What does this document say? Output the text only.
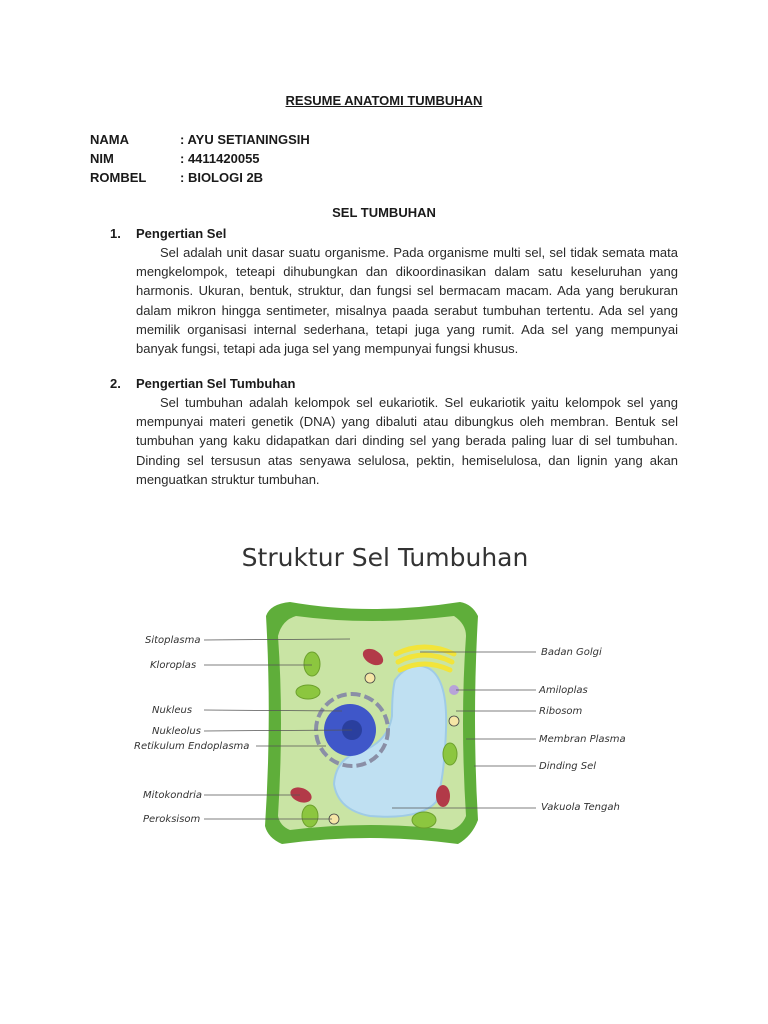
RESUME ANATOMI TUMBUHAN
NAMA	: AYU SETIANINGSIH
NIM	: 4411420055
ROMBEL	: BIOLOGI 2B
SEL TUMBUHAN
1.	Pengertian Sel
Sel adalah unit dasar suatu organisme. Pada organisme multi sel, sel tidak semata mata mengkelompok, teteapi dihubungkan dan dikoordinasikan dalam satu keseluruhan yang harmonis. Ukuran, bentuk, struktur, dan fungsi sel bermacam macam. Ada yang berukuran dalam mikron hingga sentimeter, misalnya paada serabut tumbuhan tertentu. Ada sel yang memilik organisasi internal sederhana, tetapi juga yang rumit. Ada sel yang mempunyai banyak fungsi, tetapi ada juga sel yang mempunyai fungsi khusus.
2.	Pengertian Sel Tumbuhan
Sel tumbuhan adalah kelompok sel eukariotik. Sel eukariotik yaitu kelompok sel yang mempunyai materi genetik (DNA) yang dibaluti atau dibungkus oleh membran. Bentuk sel tumbuhan yang kaku didapatkan dari dinding sel yang berada paling luar di sel tumbuhan. Dinding sel tersusun atas senyawa selulosa, pektin, hemiselulosa, dan lignin yang akan menguatkan struktur tumbuhan.
Struktur Sel Tumbuhan
Sitoplasma
Kloroplas
Nukleus
Nukleolus
Retikulum Endoplasma
Mitokondria
Peroksisom
Badan Golgi
Amiloplas
Ribosom
Membran Plasma
Dinding Sel
Vakuola Tengah
